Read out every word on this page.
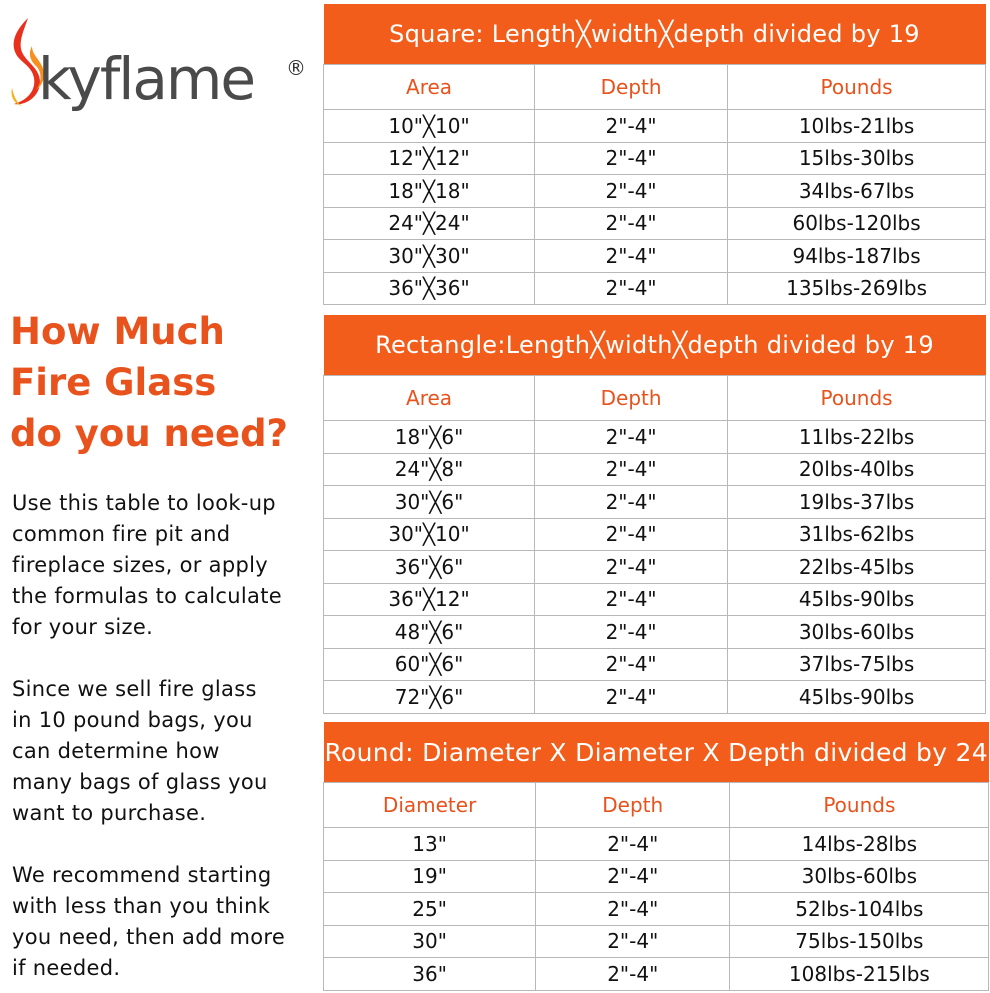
kyflame ®
How Much
Fire Glass
do you need?
Use this table to look-up
common fire pit and
fireplace sizes, or apply
the formulas to calculate
for your size.
Since we sell fire glass
in 10 pound bags, you
can determine how
many bags of glass you
want to purchase.
We recommend starting
with less than you think
you need, then add more
if needed.
Square: Length╳width╳depth divided by 19		
Area	Depth	Pounds
10"╳10"	2"-4"	10lbs-21lbs
12"╳12"	2"-4"	15lbs-30lbs
18"╳18"	2"-4"	34lbs-67lbs
24"╳24"	2"-4"	60lbs-120lbs
30"╳30"	2"-4"	94lbs-187lbs
36"╳36"	2"-4"	135lbs-269lbs
Rectangle:Length╳width╳depth divided by 19		
Area	Depth	Pounds
18"╳6"	2"-4"	11lbs-22lbs
24"╳8"	2"-4"	20lbs-40lbs
30"╳6"	2"-4"	19lbs-37lbs
30"╳10"	2"-4"	31lbs-62lbs
36"╳6"	2"-4"	22lbs-45lbs
36"╳12"	2"-4"	45lbs-90lbs
48"╳6"	2"-4"	30lbs-60lbs
60"╳6"	2"-4"	37lbs-75lbs
72"╳6"	2"-4"	45lbs-90lbs
Round: Diameter X Diameter X Depth divided by 24		
Diameter	Depth	Pounds
13"	2"-4"	14lbs-28lbs
19"	2"-4"	30lbs-60lbs
25"	2"-4"	52lbs-104lbs
30"	2"-4"	75lbs-150lbs
36"	2"-4"	108lbs-215lbs
